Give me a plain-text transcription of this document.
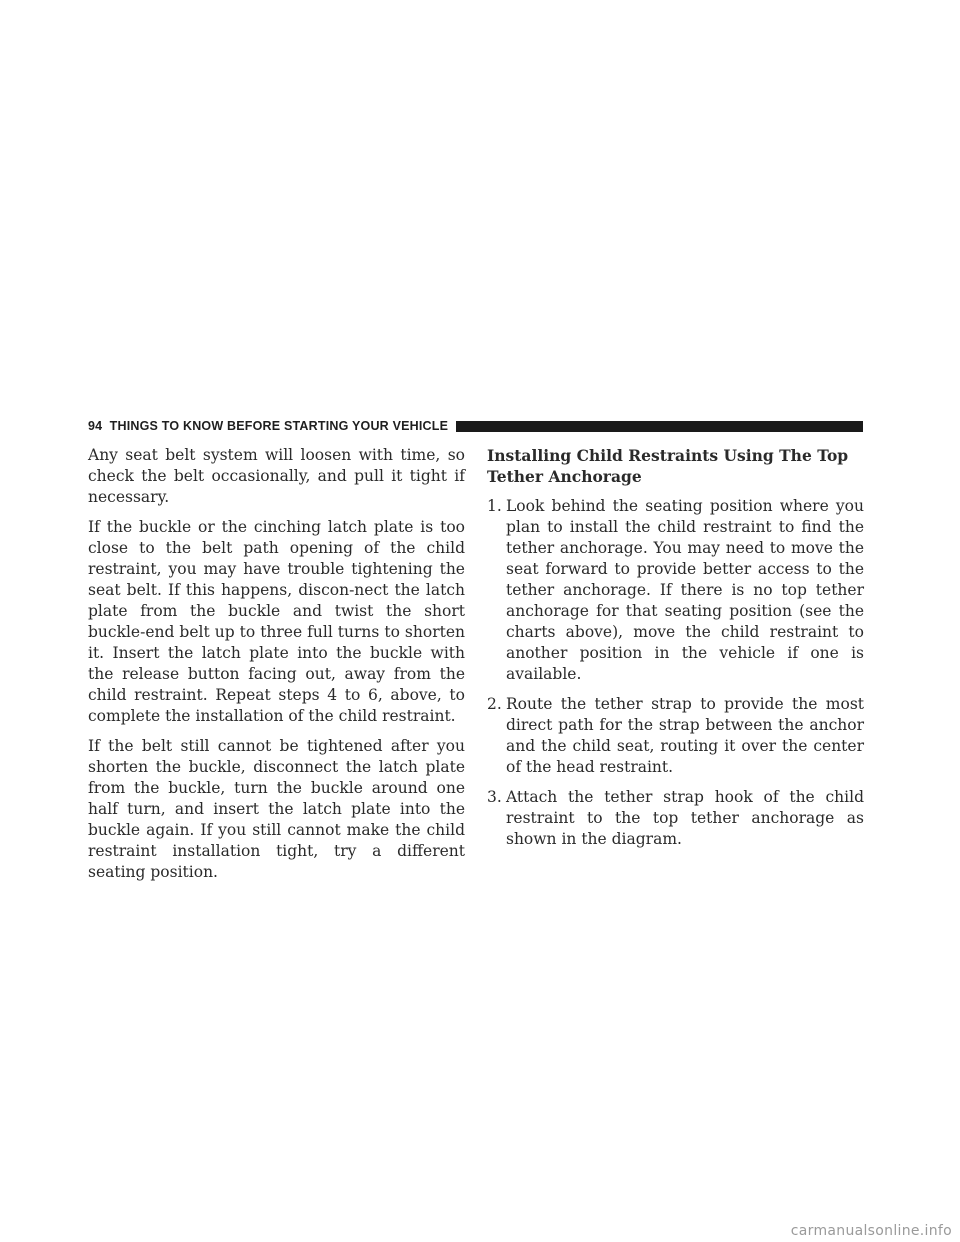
94 THINGS TO KNOW BEFORE STARTING YOUR VEHICLE

Any seat belt system will loosen with time, so check the belt occasionally, and pull it tight if necessary.

If the buckle or the cinching latch plate is too close to the belt path opening of the child restraint, you may have trouble tightening the seat belt. If this happens, discon-nect the latch plate from the buckle and twist the short buckle-end belt up to three full turns to shorten it. Insert the latch plate into the buckle with the release button facing out, away from the child restraint. Repeat steps 4 to 6, above, to complete the installation of the child restraint.

If the belt still cannot be tightened after you shorten the buckle, disconnect the latch plate from the buckle, turn the buckle around one half turn, and insert the latch plate into the buckle again. If you still cannot make the child restraint installation tight, try a different seating position.

Installing Child Restraints Using The Top Tether Anchorage
1. Look behind the seating position where you plan to install the child restraint to find the tether anchorage. You may need to move the seat forward to provide better access to the tether anchorage. If there is no top tether anchorage for that seating position (see the charts above), move the child restraint to another position in the vehicle if one is available.
2. Route the tether strap to provide the most direct path for the strap between the anchor and the child seat, routing it over the center of the head restraint.
3. Attach the tether strap hook of the child restraint to the top tether anchorage as shown in the diagram.
carmanualsonline.info
